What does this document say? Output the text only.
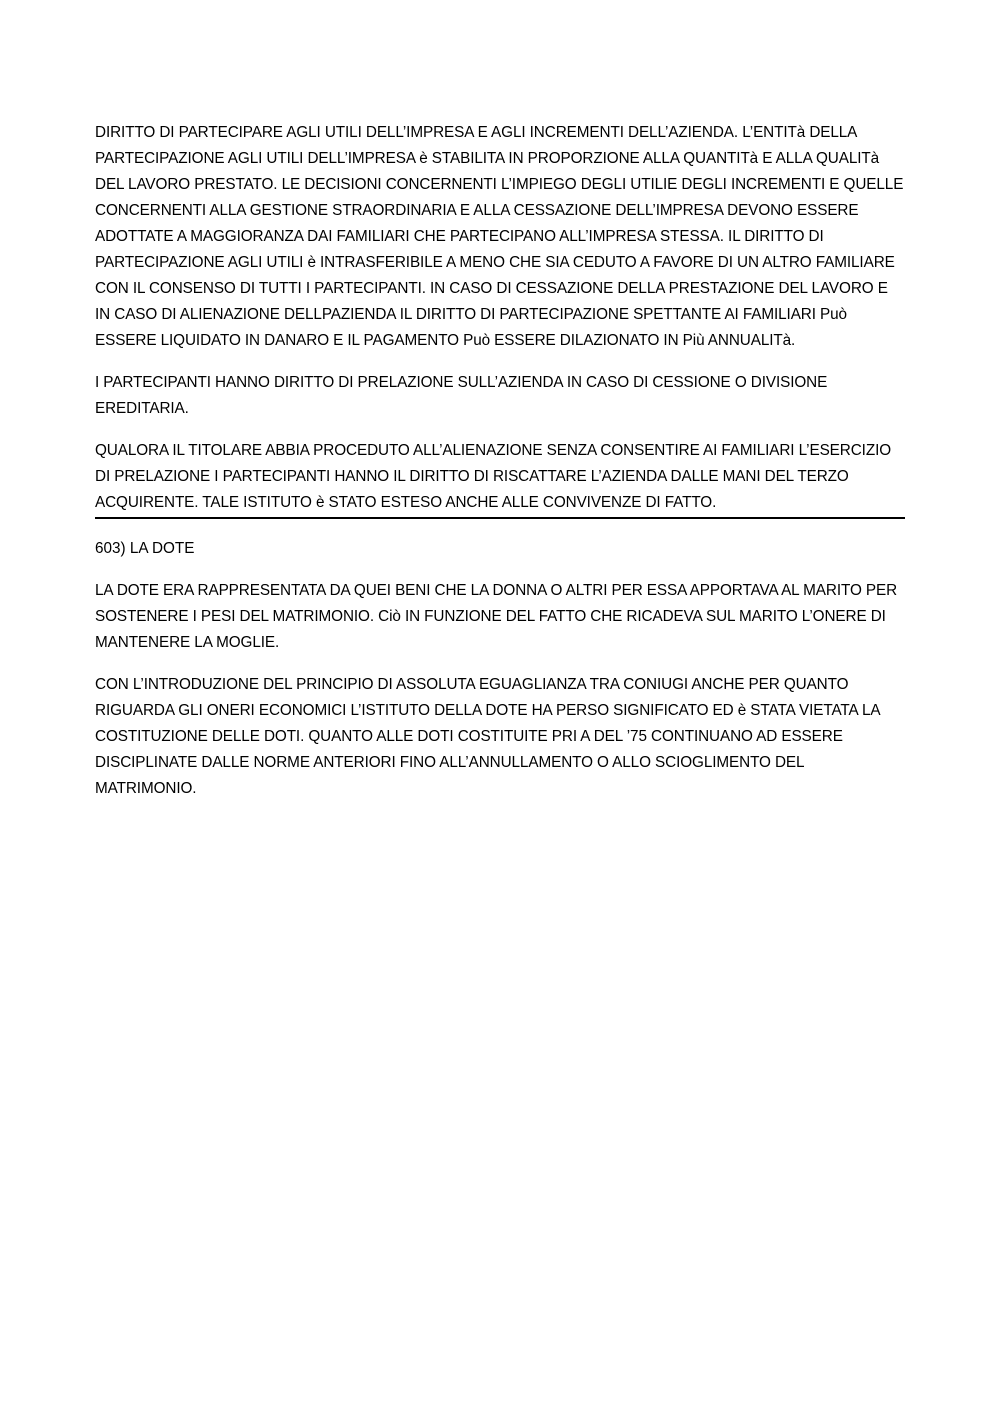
DIRITTO DI PARTECIPARE AGLI UTILI DELL’IMPRESA E AGLI INCREMENTI DELL’AZIENDA. L’ENTITà DELLA PARTECIPAZIONE AGLI UTILI DELL’IMPRESA è STABILITA IN PROPORZIONE ALLA QUANTITà E ALLA QUALITà DEL LAVORO PRESTATO. LE DECISIONI CONCERNENTI L’IMPIEGO DEGLI UTILIE DEGLI INCREMENTI E QUELLE CONCERNENTI ALLA GESTIONE STRAORDINARIA E ALLA CESSAZIONE DELL’IMPRESA DEVONO ESSERE ADOTTATE A MAGGIORANZA DAI FAMILIARI CHE PARTECIPANO ALL’IMPRESA STESSA. IL DIRITTO DI PARTECIPAZIONE AGLI UTILI è INTRASFERIBILE A MENO CHE SIA CEDUTO A FAVORE DI UN ALTRO FAMILIARE CON IL CONSENSO DI TUTTI I PARTECIPANTI. IN CASO DI CESSAZIONE DELLA PRESTAZIONE DEL LAVORO E IN CASO DI ALIENAZIONE DELLPAZIENDA IL DIRITTO DI PARTECIPAZIONE SPETTANTE AI FAMILIARI Può ESSERE LIQUIDATO IN DANARO E IL PAGAMENTO Può ESSERE DILAZIONATO IN Più ANNUALITà.

I PARTECIPANTI HANNO DIRITTO DI PRELAZIONE SULL’AZIENDA IN CASO DI CESSIONE O DIVISIONE EREDITARIA.

QUALORA IL TITOLARE ABBIA PROCEDUTO ALL’ALIENAZIONE SENZA CONSENTIRE AI FAMILIARI L’ESERCIZIO DI PRELAZIONE I PARTECIPANTI HANNO IL DIRITTO DI RISCATTARE L’AZIENDA DALLE MANI DEL TERZO ACQUIRENTE. TALE ISTITUTO è STATO ESTESO ANCHE ALLE CONVIVENZE DI FATTO.

603) LA DOTE

LA DOTE ERA RAPPRESENTATA DA QUEI BENI CHE LA DONNA O ALTRI PER ESSA APPORTAVA AL MARITO PER SOSTENERE I PESI DEL MATRIMONIO. Ciò IN FUNZIONE DEL FATTO CHE RICADEVA SUL MARITO L’ONERE DI MANTENERE LA MOGLIE.

CON L’INTRODUZIONE DEL PRINCIPIO DI ASSOLUTA EGUAGLIANZA TRA CONIUGI ANCHE PER QUANTO RIGUARDA GLI ONERI ECONOMICI L’ISTITUTO DELLA DOTE HA PERSO SIGNIFICATO ED è STATA VIETATA LA COSTITUZIONE DELLE DOTI. QUANTO ALLE DOTI COSTITUITE PRI A DEL ’75 CONTINUANO AD ESSERE DISCIPLINATE DALLE NORME ANTERIORI FINO ALL’ANNULLAMENTO O ALLO SCIOGLIMENTO DEL MATRIMONIO.
